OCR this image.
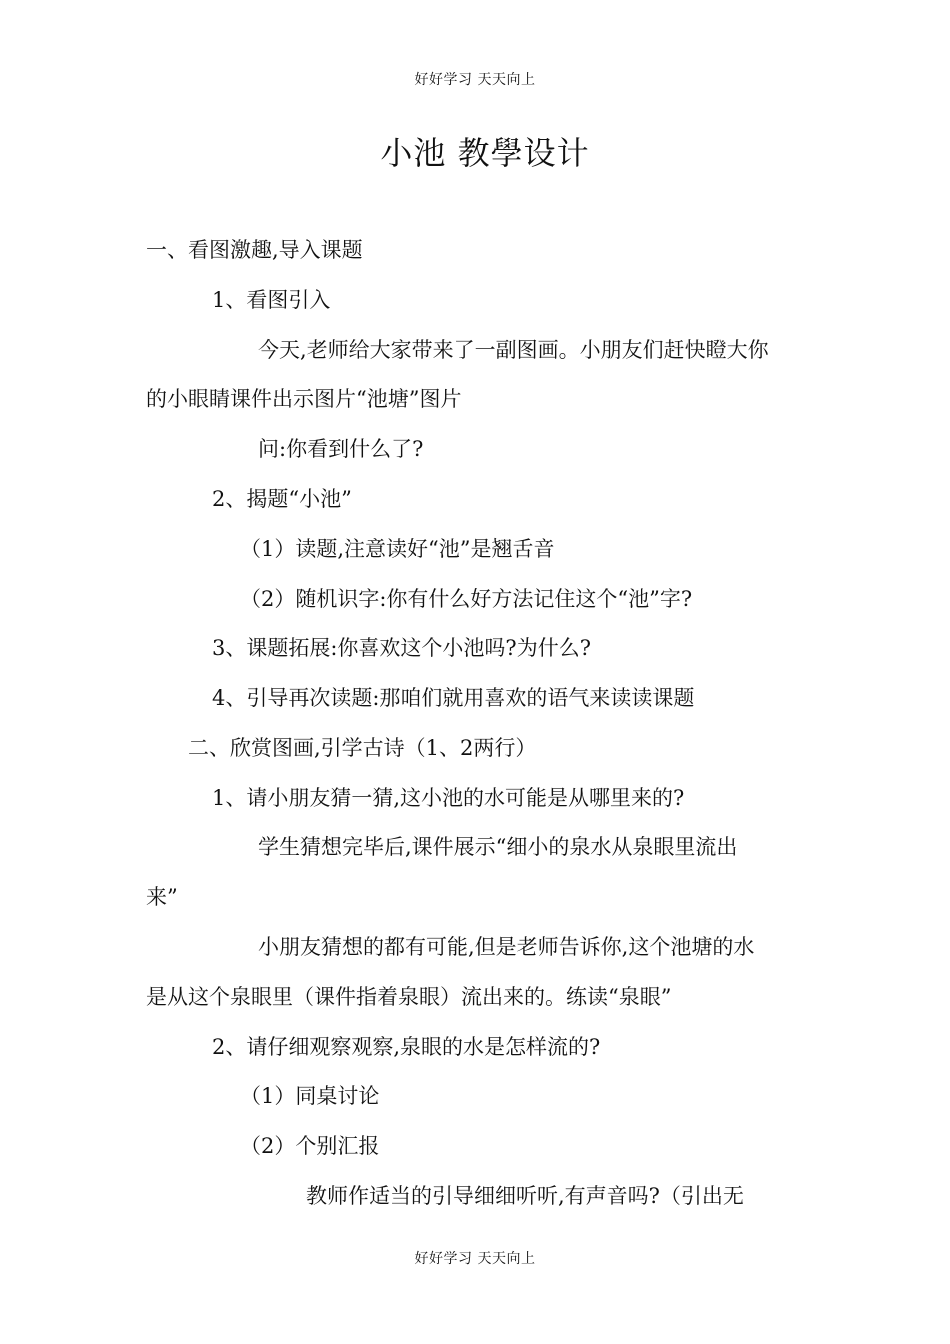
好好学习 天天向上
小池 教學设计
一、看图激趣,导入课题
1、看图引入
今天,老师给大家带来了一副图画。小朋友们赶快瞪大你
的小眼睛课件出示图片“池塘”图片
问:你看到什么了?
2、揭题“小池”
（1）读题,注意读好“池”是翘舌音
（2）随机识字:你有什么好方法记住这个“池”字?
3、课题拓展:你喜欢这个小池吗?为什么?
4、引导再次读题:那咱们就用喜欢的语气来读读课题
二、欣赏图画,引学古诗（1、2两行）
1、请小朋友猜一猜,这小池的水可能是从哪里来的?
学生猜想完毕后,课件展示“细小的泉水从泉眼里流出
来”
小朋友猜想的都有可能,但是老师告诉你,这个池塘的水
是从这个泉眼里（课件指着泉眼）流出来的。练读“泉眼”
2、请仔细观察观察,泉眼的水是怎样流的?
（1）同桌讨论
（2）个别汇报
教师作适当的引导细细听听,有声音吗?（引出无
好好学习 天天向上
